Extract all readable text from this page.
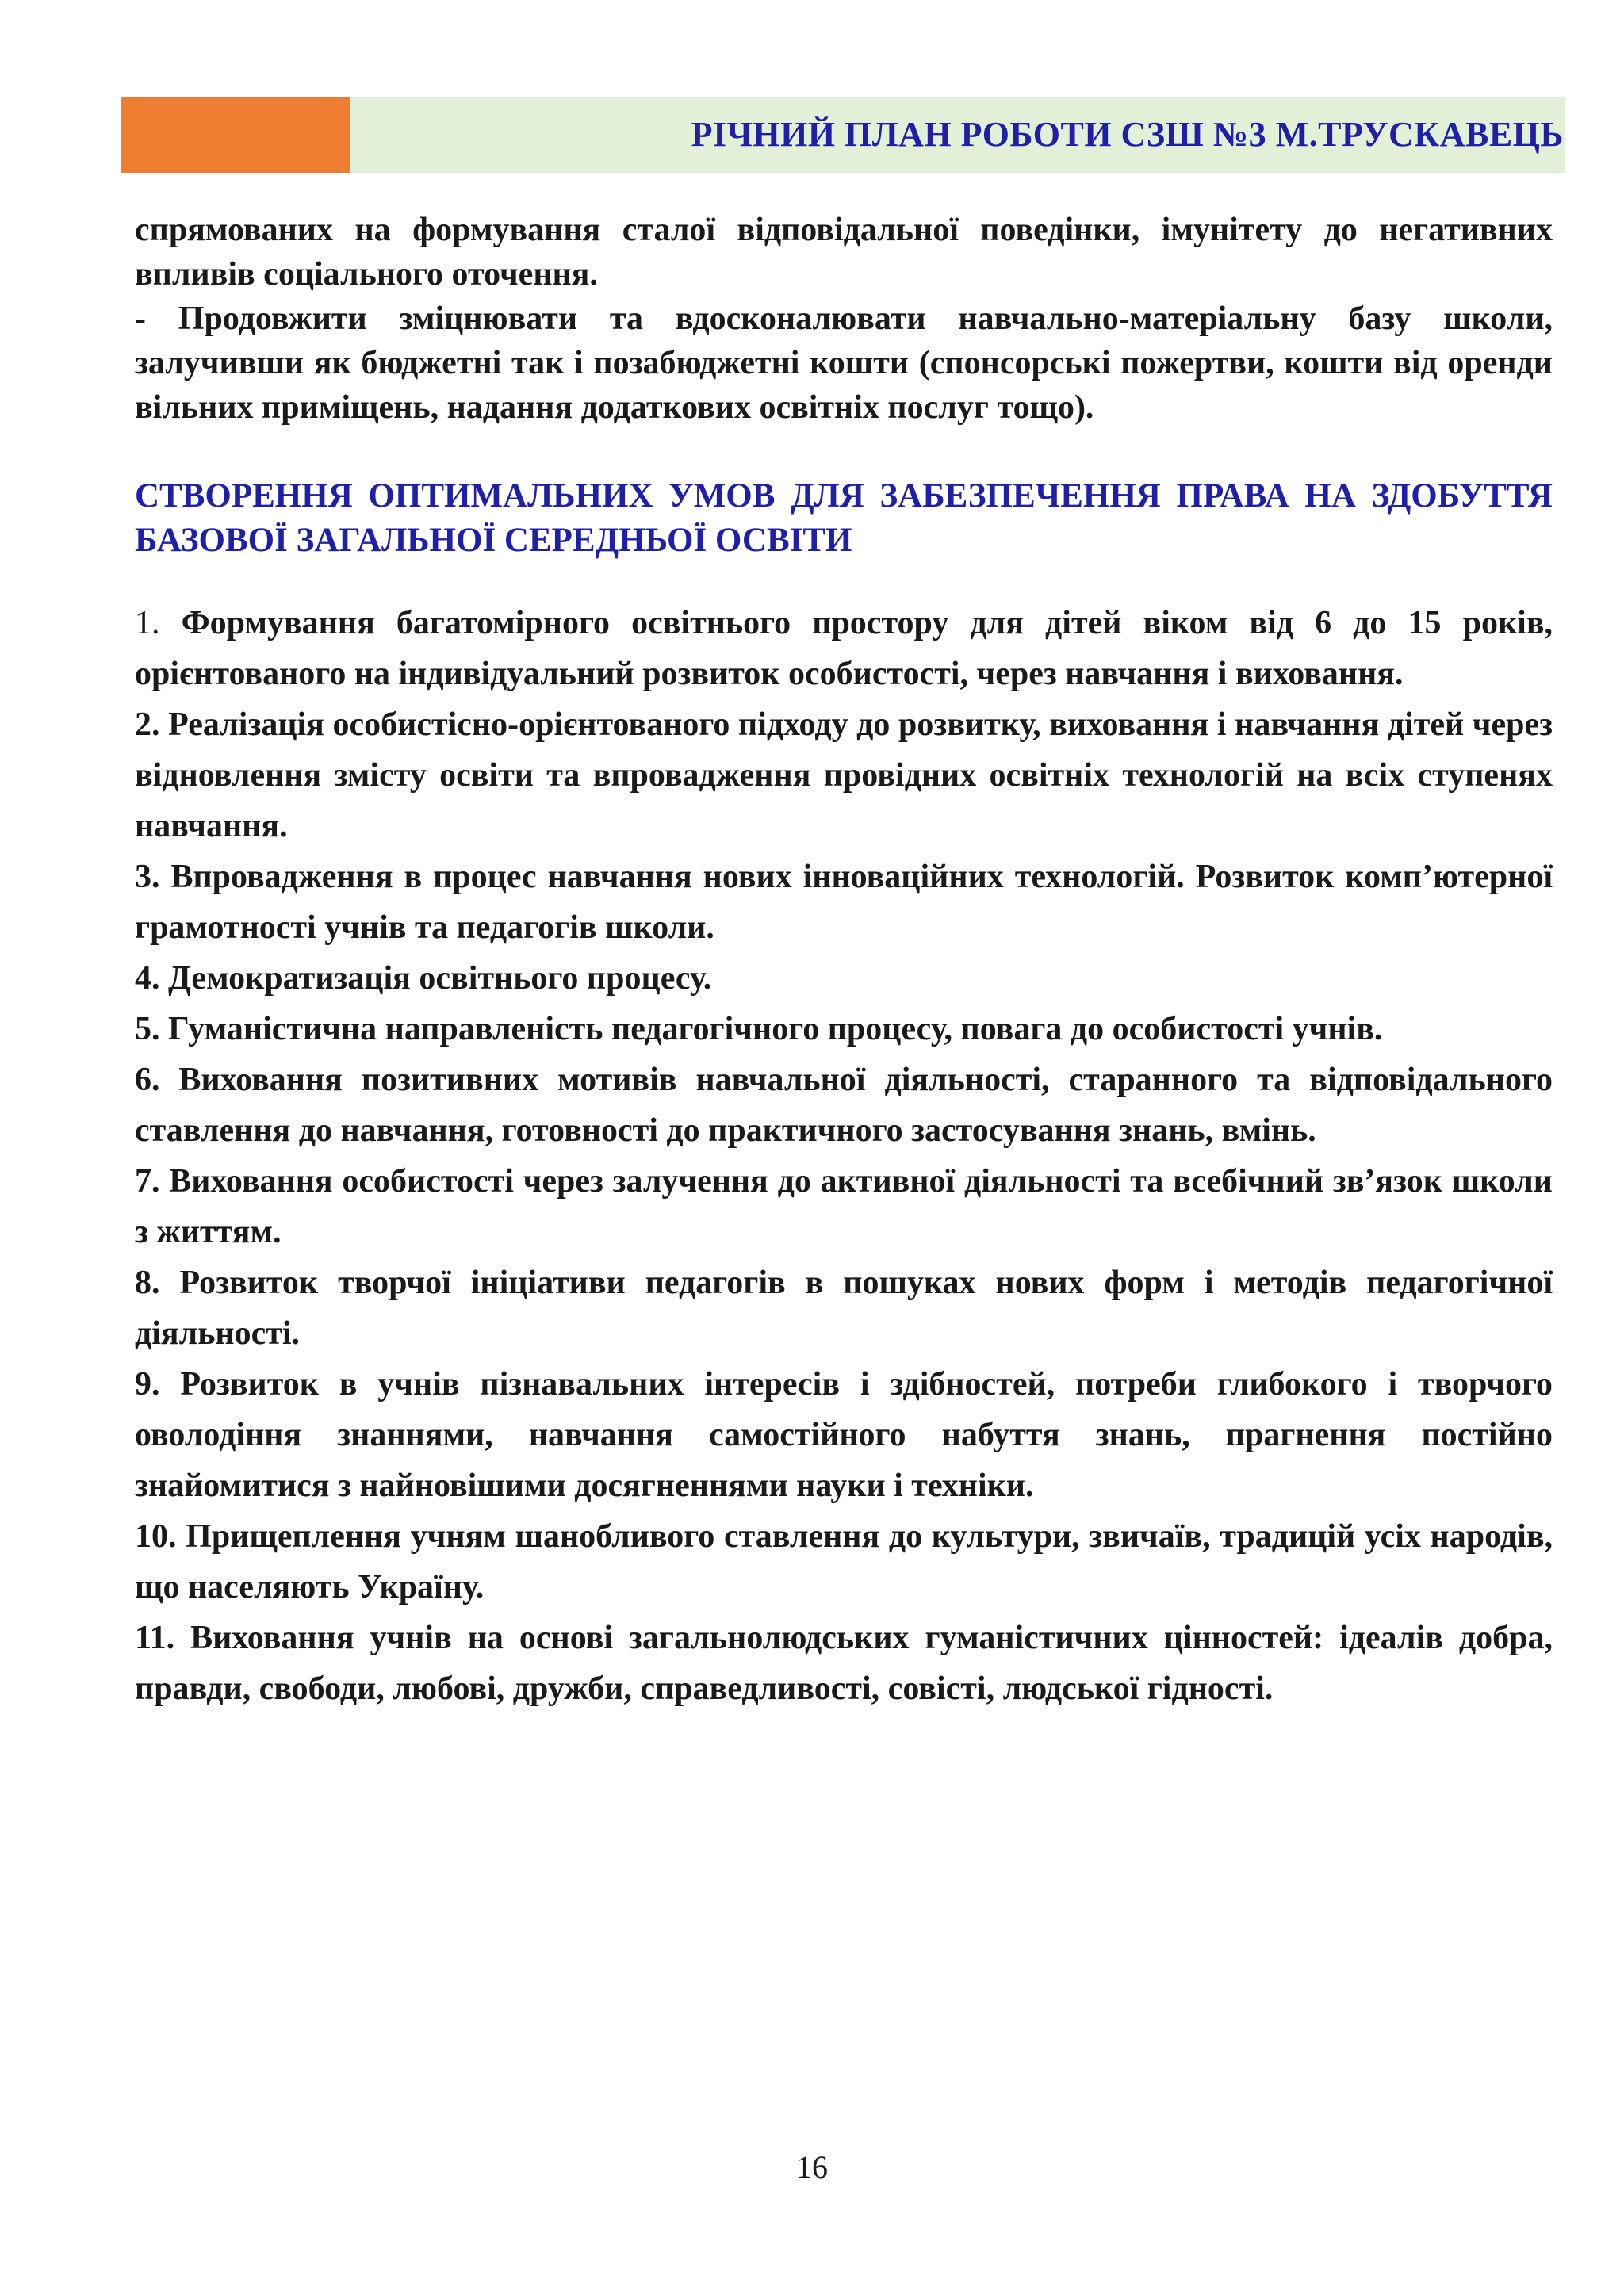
РІЧНИЙ ПЛАН РОБОТИ СЗШ №3 М.ТРУСКАВЕЦЬ

спрямованих на формування сталої відповідальної поведінки, імунітету до негативних впливів соціального оточення.

- Продовжити зміцнювати та вдосконалювати навчально-матеріальну базу школи, залучивши як бюджетні так і позабюджетні кошти (спонсорські пожертви, кошти від оренди вільних приміщень, надання додаткових освітніх послуг тощо).

СТВОРЕННЯ ОПТИМАЛЬНИХ УМОВ ДЛЯ ЗАБЕЗПЕЧЕННЯ ПРАВА НА ЗДОБУТТЯ БАЗОВОЇ ЗАГАЛЬНОЇ СЕРЕДНЬОЇ ОСВІТИ

1. Формування багатомірного освітнього простору для дітей віком від 6 до 15 років, орієнтованого на індивідуальний розвиток особистості, через навчання і виховання.

2. Реалізація особистісно-орієнтованого підходу до розвитку, виховання і навчання дітей через відновлення змісту освіти та впровадження провідних освітніх технологій на всіх ступенях навчання.

3. Впровадження в процес навчання нових інноваційних технологій. Розвиток комп’ютерної грамотності учнів та педагогів школи.

4. Демократизація освітнього процесу.

5. Гуманістична направленість педагогічного процесу, повага до особистості учнів.

6. Виховання позитивних мотивів навчальної діяльності, старанного та відповідального ставлення до навчання, готовності до практичного застосування знань, вмінь.

7. Виховання особистості через залучення до активної діяльності та всебічний зв’язок школи з життям.

8. Розвиток творчої ініціативи педагогів в пошуках нових форм і методів педагогічної діяльності.

9. Розвиток в учнів пізнавальних інтересів і здібностей, потреби глибокого і творчого оволодіння знаннями, навчання самостійного набуття знань, прагнення постійно знайомитися з найновішими досягненнями науки і техніки.

10. Прищеплення учням шанобливого ставлення до культури, звичаїв, традицій усіх народів, що населяють Україну.

11. Виховання учнів на основі загальнолюдських гуманістичних цінностей: ідеалів добра, правди, свободи, любові, дружби, справедливості, совісті, людської гідності.

16
